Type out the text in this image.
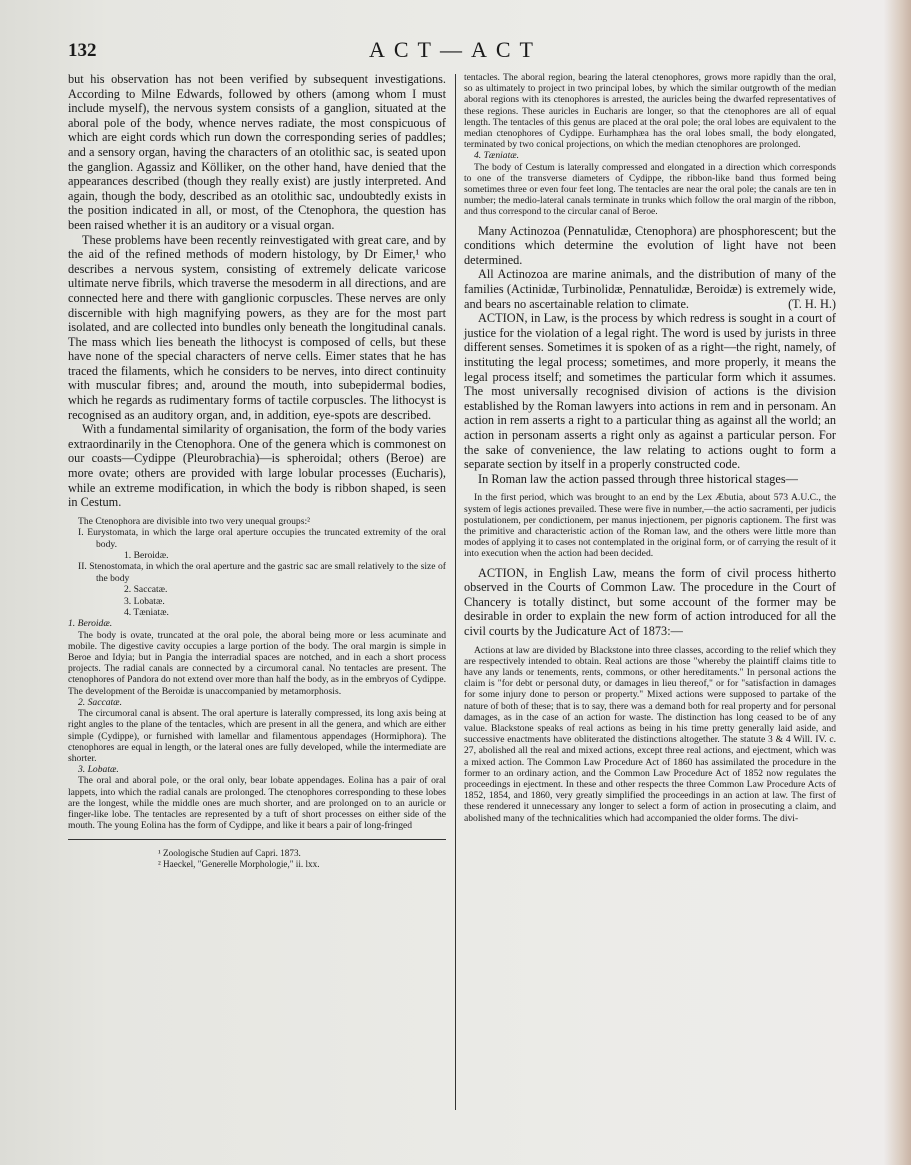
132	ACT—ACT

but his observation has not been verified by subsequent investigations. According to Milne Edwards, followed by others (among whom I must include myself), the nervous system consists of a ganglion, situated at the aboral pole of the body, whence nerves radiate, the most conspicuous of which are eight cords which run down the corresponding series of paddles; and a sensory organ, having the characters of an otolithic sac, is seated upon the ganglion. Agassiz and Kölliker, on the other hand, have denied that the appearances described (though they really exist) are justly interpreted. And again, though the body, described as an otolithic sac, undoubtedly exists in the position indicated in all, or most, of the Ctenophora, the question has been raised whether it is an auditory or a visual organ.

These problems have been recently reinvestigated with great care, and by the aid of the refined methods of modern histology, by Dr Eimer,¹ who describes a nervous system, consisting of extremely delicate varicose ultimate nerve fibrils, which traverse the mesoderm in all directions, and are connected here and there with ganglionic corpuscles. These nerves are only discernible with high magnifying powers, as they are for the most part isolated, and are collected into bundles only beneath the longitudinal canals. The mass which lies beneath the lithocyst is composed of cells, but these have none of the special characters of nerve cells. Eimer states that he has traced the filaments, which he considers to be nerves, into direct continuity with muscular fibres; and, around the mouth, into subepidermal bodies, which he regards as rudimentary forms of tactile corpuscles. The lithocyst is recognised as an auditory organ, and, in addition, eye-spots are described.

With a fundamental similarity of organisation, the form of the body varies extraordinarily in the Ctenophora. One of the genera which is commonest on our coasts—Cydippe (Pleurobrachia)—is spheroidal; others (Beroe) are more ovate; others are provided with large lobular processes (Eucharis), while an extreme modification, in which the body is ribbon shaped, is seen in Cestum.

The Ctenophora are divisible into two very unequal groups:²
I. Eurystomata, in which the large oral aperture occupies the truncated extremity of the oral body.
1. Beroidæ.
II. Stenostomata, in which the oral aperture and the gastric sac are small relatively to the size of the body
2. Saccatæ.
3. Lobatæ.
4. Tæniatæ.

1. Beroidæ.

The body is ovate, truncated at the oral pole, the aboral being more or less acuminate and mobile. The digestive cavity occupies a large portion of the body. The oral margin is simple in Beroe and Idyia; but in Pangia the interradial spaces are notched, and in each a short process projects. The radial canals are connected by a circumoral canal. No tentacles are present. The ctenophores of Pandora do not extend over more than half the body, as in the embryos of Cydippe. The development of the Beroidæ is unaccompanied by metamorphosis.

2. Saccatæ.

The circumoral canal is absent. The oral aperture is laterally compressed, its long axis being at right angles to the plane of the tentacles, which are present in all the genera, and which are either simple (Cydippe), or furnished with lamellar and filamentous appendages (Hormiphora). The ctenophores are equal in length, or the lateral ones are fully developed, while the intermediate are shorter.

3. Lobatæ.

The oral and aboral pole, or the oral only, bear lobate appendages. Eolina has a pair of oral lappets, into which the radial canals are prolonged. The ctenophores corresponding to these lobes are the longest, while the middle ones are much shorter, and are prolonged on to an auricle or finger-like lobe. The tentacles are represented by a tuft of short processes on either side of the mouth. The young Eolina has the form of Cydippe, and like it bears a pair of long-fringed

¹ Zoologische Studien auf Capri. 1873.
² Haeckel, "Generelle Morphologie," ii. lxx.

tentacles. The aboral region, bearing the lateral ctenophores, grows more rapidly than the oral, so as ultimately to project in two principal lobes, by which the similar outgrowth of the median aboral regions with its ctenophores is arrested, the auricles being the dwarfed representatives of these regions. These auricles in Eucharis are longer, so that the ctenophores are all of equal length. The tentacles of this genus are placed at the oral pole; the oral lobes are equivalent to the median ctenophores of Cydippe. Eurhamphæa has the oral lobes small, the body elongated, terminated by two conical projections, on which the median ctenophores are prolonged.

4. Tæniatæ.

The body of Cestum is laterally compressed and elongated in a direction which corresponds to one of the transverse diameters of Cydippe, the ribbon-like band thus formed being sometimes three or even four feet long. The tentacles are near the oral pole; the canals are ten in number; the medio-lateral canals terminate in trunks which follow the oral margin of the ribbon, and thus correspond to the circular canal of Beroe.

Many Actinozoa (Pennatulidæ, Ctenophora) are phosphorescent; but the conditions which determine the evolution of light have not been determined.

All Actinozoa are marine animals, and the distribution of many of the families (Actinidæ, Turbinolidæ, Pennatulidæ, Beroidæ) is extremely wide, and bears no ascertainable relation to climate.	(T. H. H.)

ACTION, in Law, is the process by which redress is sought in a court of justice for the violation of a legal right. The word is used by jurists in three different senses. Sometimes it is spoken of as a right—the right, namely, of instituting the legal process; sometimes, and more properly, it means the legal process itself; and sometimes the particular form which it assumes. The most universally recognised division of actions is the division established by the Roman lawyers into actions in rem and in personam. An action in rem asserts a right to a particular thing as against all the world; an action in personam asserts a right only as against a particular person. For the sake of convenience, the law relating to actions ought to form a separate section by itself in a properly constructed code.

In Roman law the action passed through three historical stages—

In the first period, which was brought to an end by the Lex Æbutia, about 573 A.U.C., the system of legis actiones prevailed. These were five in number,—the actio sacramenti, per judicis postulationem, per condictionem, per manus injectionem, per pignoris captionem. The first was the primitive and characteristic action of the Roman law, and the others were little more than modes of applying it to cases not contemplated in the original form, or of carrying the result of it into execution when the action had been decided.

ACTION, in English Law, means the form of civil process hitherto observed in the Courts of Common Law. The procedure in the Court of Chancery is totally distinct, but some account of the former may be desirable in order to explain the new form of action introduced for all the civil courts by the Judicature Act of 1873:—

Actions at law are divided by Blackstone into three classes, according to the relief which they are respectively intended to obtain. Real actions are those "whereby the plaintiff claims title to have any lands or tenements, rents, commons, or other hereditaments." In personal actions the claim is "for debt or personal duty, or damages in lieu thereof," or for "satisfaction in damages for some injury done to person or property." Mixed actions were supposed to partake of the nature of both of these; that is to say, there was a demand both for real property and for personal damages, as in the case of an action for waste. The distinction has long ceased to be of any value. Blackstone speaks of real actions as being in his time pretty generally laid aside, and successive enactments have obliterated the distinctions altogether. The statute 3 & 4 Will. IV. c. 27, abolished all the real and mixed actions, except three real actions, and ejectment, which was a mixed action. The Common Law Procedure Act of 1860 has assimilated the procedure in the former to an ordinary action, and the Common Law Procedure Act of 1852 now regulates the proceedings in ejectment. In these and other respects the three Common Law Procedure Acts of 1852, 1854, and 1860, very greatly simplified the proceedings in an action at law. The first of these rendered it unnecessary any longer to select a form of action in prosecuting a claim, and abolished many of the technicalities which had accompanied the older forms. The divi-
